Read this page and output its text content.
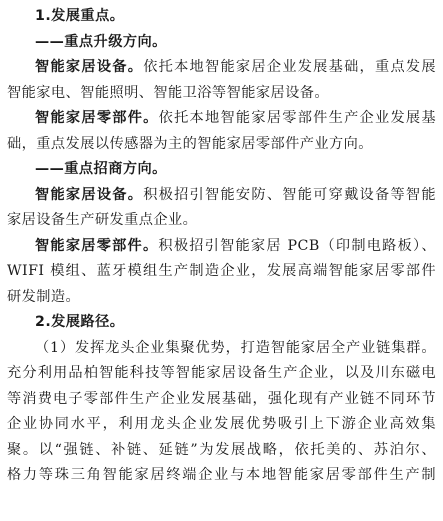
1.发展重点。
——重点升级方向。
智能家居设备。依托本地智能家居企业发展基础，重点发展
智能家电、智能照明、智能卫浴等智能家居设备。
智能家居零部件。依托本地智能家居零部件生产企业发展基
础，重点发展以传感器为主的智能家居零部件产业方向。
——重点招商方向。
智能家居设备。积极招引智能安防、智能可穿戴设备等智能
家居设备生产研发重点企业。
智能家居零部件。积极招引智能家居 PCB（印制电路板）、
WIFI 模组、蓝牙模组生产制造企业，发展高端智能家居零部件
研发制造。
2.发展路径。
（1）发挥龙头企业集聚优势，打造智能家居全产业链集群。
充分利用品柏智能科技等智能家居设备生产企业，以及川东磁电
等消费电子零部件生产企业发展基础，强化现有产业链不同环节
企业协同水平，利用龙头企业发展优势吸引上下游企业高效集
聚。以“强链、补链、延链”为发展战略，依托美的、苏泊尔、
格力等珠三角智能家居终端企业与本地智能家居零部件生产制
